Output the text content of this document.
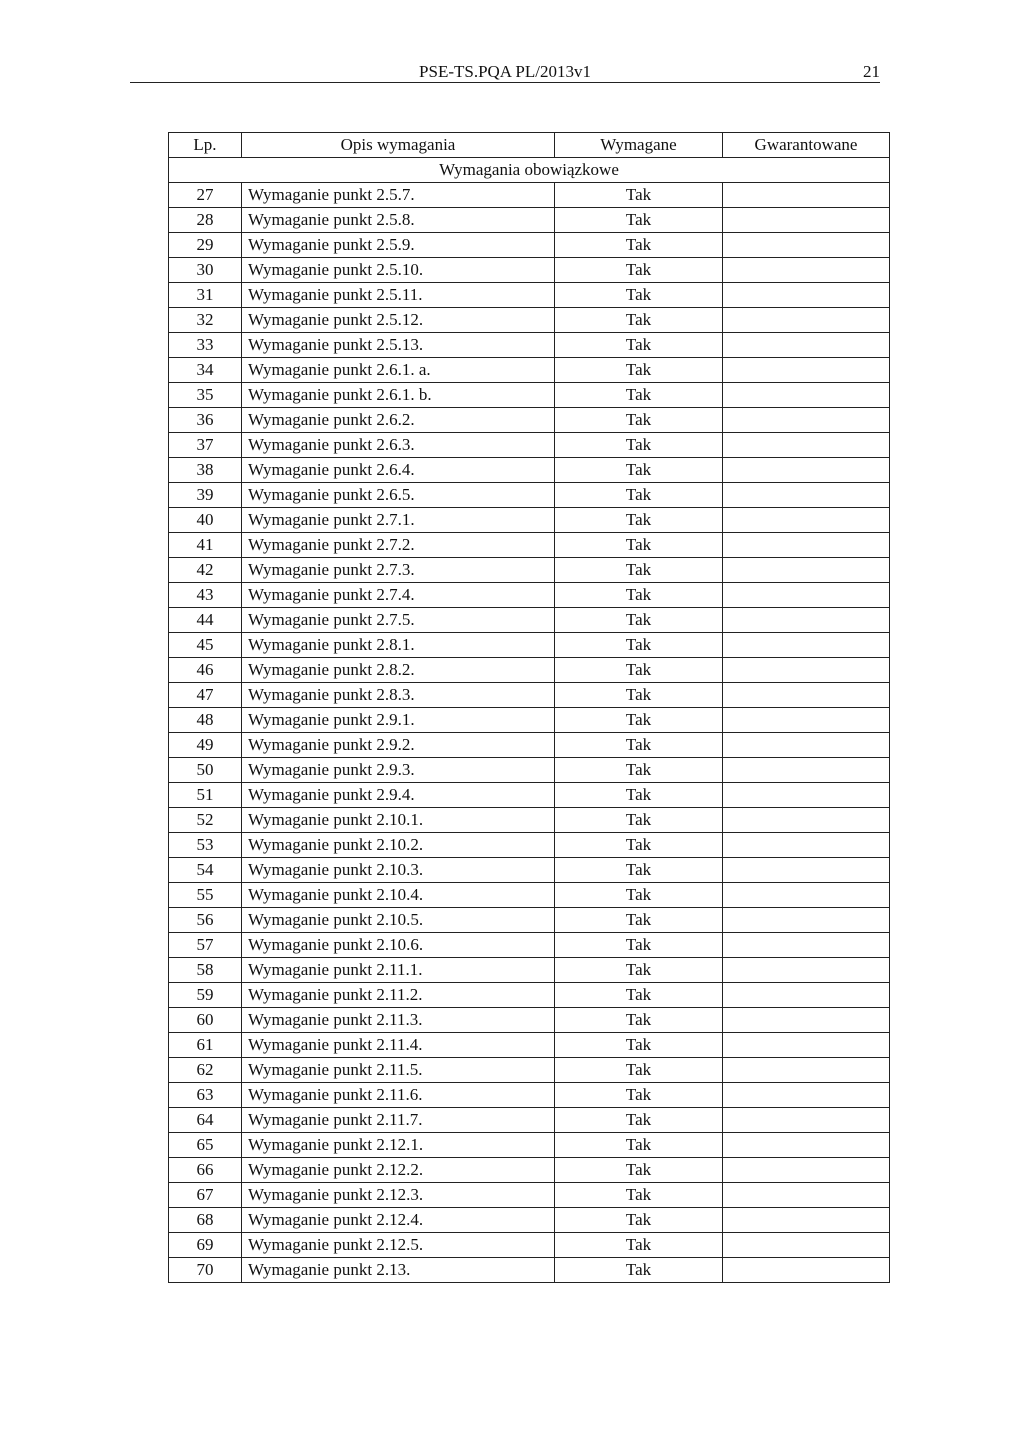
PSE-TS.PQA PL/2013v1	21
Lp.	Opis wymagania	Wymagane	Gwarantowane
Wymagania obowiązkowe			
27	Wymaganie punkt 2.5.7.	Tak	
28	Wymaganie punkt 2.5.8.	Tak	
29	Wymaganie punkt 2.5.9.	Tak	
30	Wymaganie punkt 2.5.10.	Tak	
31	Wymaganie punkt 2.5.11.	Tak	
32	Wymaganie punkt 2.5.12.	Tak	
33	Wymaganie punkt 2.5.13.	Tak	
34	Wymaganie punkt 2.6.1. a.	Tak	
35	Wymaganie punkt 2.6.1. b.	Tak	
36	Wymaganie punkt 2.6.2.	Tak	
37	Wymaganie punkt 2.6.3.	Tak	
38	Wymaganie punkt 2.6.4.	Tak	
39	Wymaganie punkt 2.6.5.	Tak	
40	Wymaganie punkt 2.7.1.	Tak	
41	Wymaganie punkt 2.7.2.	Tak	
42	Wymaganie punkt 2.7.3.	Tak	
43	Wymaganie punkt 2.7.4.	Tak	
44	Wymaganie punkt 2.7.5.	Tak	
45	Wymaganie punkt 2.8.1.	Tak	
46	Wymaganie punkt 2.8.2.	Tak	
47	Wymaganie punkt 2.8.3.	Tak	
48	Wymaganie punkt 2.9.1.	Tak	
49	Wymaganie punkt 2.9.2.	Tak	
50	Wymaganie punkt 2.9.3.	Tak	
51	Wymaganie punkt 2.9.4.	Tak	
52	Wymaganie punkt 2.10.1.	Tak	
53	Wymaganie punkt 2.10.2.	Tak	
54	Wymaganie punkt 2.10.3.	Tak	
55	Wymaganie punkt 2.10.4.	Tak	
56	Wymaganie punkt 2.10.5.	Tak	
57	Wymaganie punkt 2.10.6.	Tak	
58	Wymaganie punkt 2.11.1.	Tak	
59	Wymaganie punkt 2.11.2.	Tak	
60	Wymaganie punkt 2.11.3.	Tak	
61	Wymaganie punkt 2.11.4.	Tak	
62	Wymaganie punkt 2.11.5.	Tak	
63	Wymaganie punkt 2.11.6.	Tak	
64	Wymaganie punkt 2.11.7.	Tak	
65	Wymaganie punkt 2.12.1.	Tak	
66	Wymaganie punkt 2.12.2.	Tak	
67	Wymaganie punkt 2.12.3.	Tak	
68	Wymaganie punkt 2.12.4.	Tak	
69	Wymaganie punkt 2.12.5.	Tak	
70	Wymaganie punkt 2.13.	Tak	
